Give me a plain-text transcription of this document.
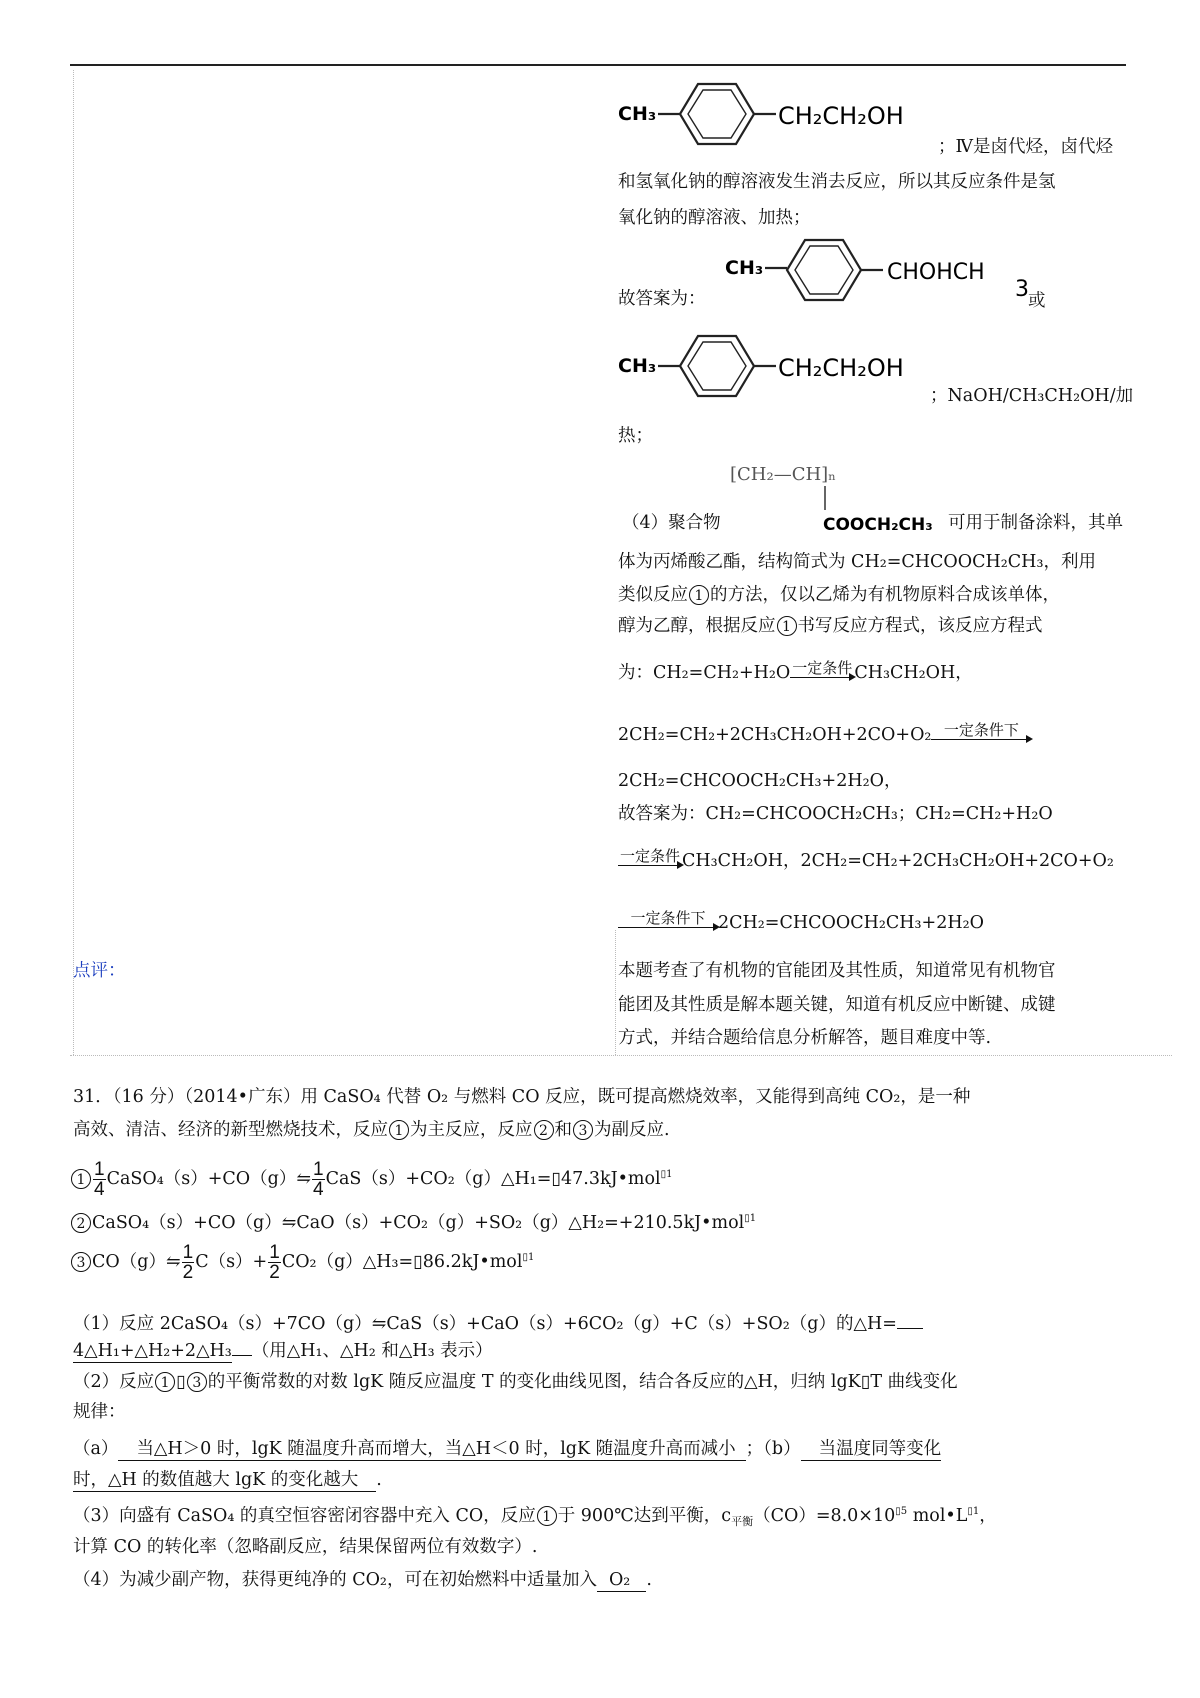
CH₃	CH₂CH₂OH
；Ⅳ是卤代烃，卤代烃
和氢氧化钠的醇溶液发生消去反应，所以其反应条件是氢
氧化钠的醇溶液、加热；
CH₃	CHOHCH
3
故答案为：	或
CH₃	CH₂CH₂OH
；NaOH/CH₃CH₂OH/加
热；
[CH₂—CH]ₙ
COOCH₂CH₃
（4）聚合物	可用于制备涂料，其单
体为丙烯酸乙酯，结构简式为 CH₂=CHCOOCH₂CH₃，利用
类似反应 1 的方法，仅以乙烯为有机物原料合成该单体，
醇为乙醇，根据反应 1 书写反应方程式，该反应方程式
为：CH₂=CH₂+H₂O 一定条件 CH₃CH₂OH，
2CH₂=CH₂+2CH₃CH₂OH+2CO+O₂ 一定条件下
2CH₂=CHCOOCH₂CH₃+2H₂O，
故答案为：CH₂=CHCOOCH₂CH₃；CH₂=CH₂+H₂O
一定条件 CH₃CH₂OH，2CH₂=CH₂+2CH₃CH₂OH+2CO+O₂
一定条件下 2CH₂=CHCOOCH₂CH₃+2H₂O
点评：	本题考查了有机物的官能团及其性质，知道常见有机物官
能团及其性质是解本题关键，知道有机反应中断键、成键
方式，并结合题给信息分析解答，题目难度中等.
31．（16 分）（2014•广东）用 CaSO₄ 代替 O₂ 与燃料 CO 反应，既可提高燃烧效率，又能得到高纯 CO₂，是一种
高效、清洁、经济的新型燃烧技术，反应 1 为主反应，反应 2 和 3 为副反应.
$1 \frac{1}{4}$ CaSO₄（s）+CO（g）⇋ $\frac{1}{4}$ CaS（s）+CO₂（g）△H₁=▯47.3kJ•mol$^{▯1}$
2 CaSO₄（s）+CO（g）⇋CaO（s）+CO₂（g）+SO₂（g）△H₂=+210.5kJ•mol$^{▯1}$
3 CO（g）⇋ $\frac{1}{2} C(s)+ \frac{1}{2}$ CO₂（g）△H₃=▯86.2kJ•mol$^{▯1}$
（1）反应 2CaSO₄（s）+7CO（g）⇋CaS（s）+CaO（s）+6CO₂（g）+C（s）+SO₂（g）的△H=
4△H₁+△H₂+2△H₃ （用△H₁、△H₂ 和△H₃ 表示）
（2）反应 1 ▯ 3 的平衡常数的对数 lgK 随反应温度 T 的变化曲线见图，结合各反应的△H，归纳 lgK▯T 曲线变化
规律：
（a） 当△H＞0 时，lgK 随温度升高而增大，当△H＜0 时，lgK 随温度升高而减小 ；（b） 当温度同等变化
时，△H 的数值越大 lgK 的变化越大 .
（3）向盛有 CaSO₄ 的真空恒容密闭容器中充入 CO，反应 1 于 900℃达到平衡，$c_{平衡}(CO)=8.0\times 10^{▯5}$ $mol•L^{▯1}$，
计算 CO 的转化率（忽略副反应，结果保留两位有效数字）.
（4）为减少副产物，获得更纯净的 CO₂，可在初始燃料中适量加入 O₂ .
